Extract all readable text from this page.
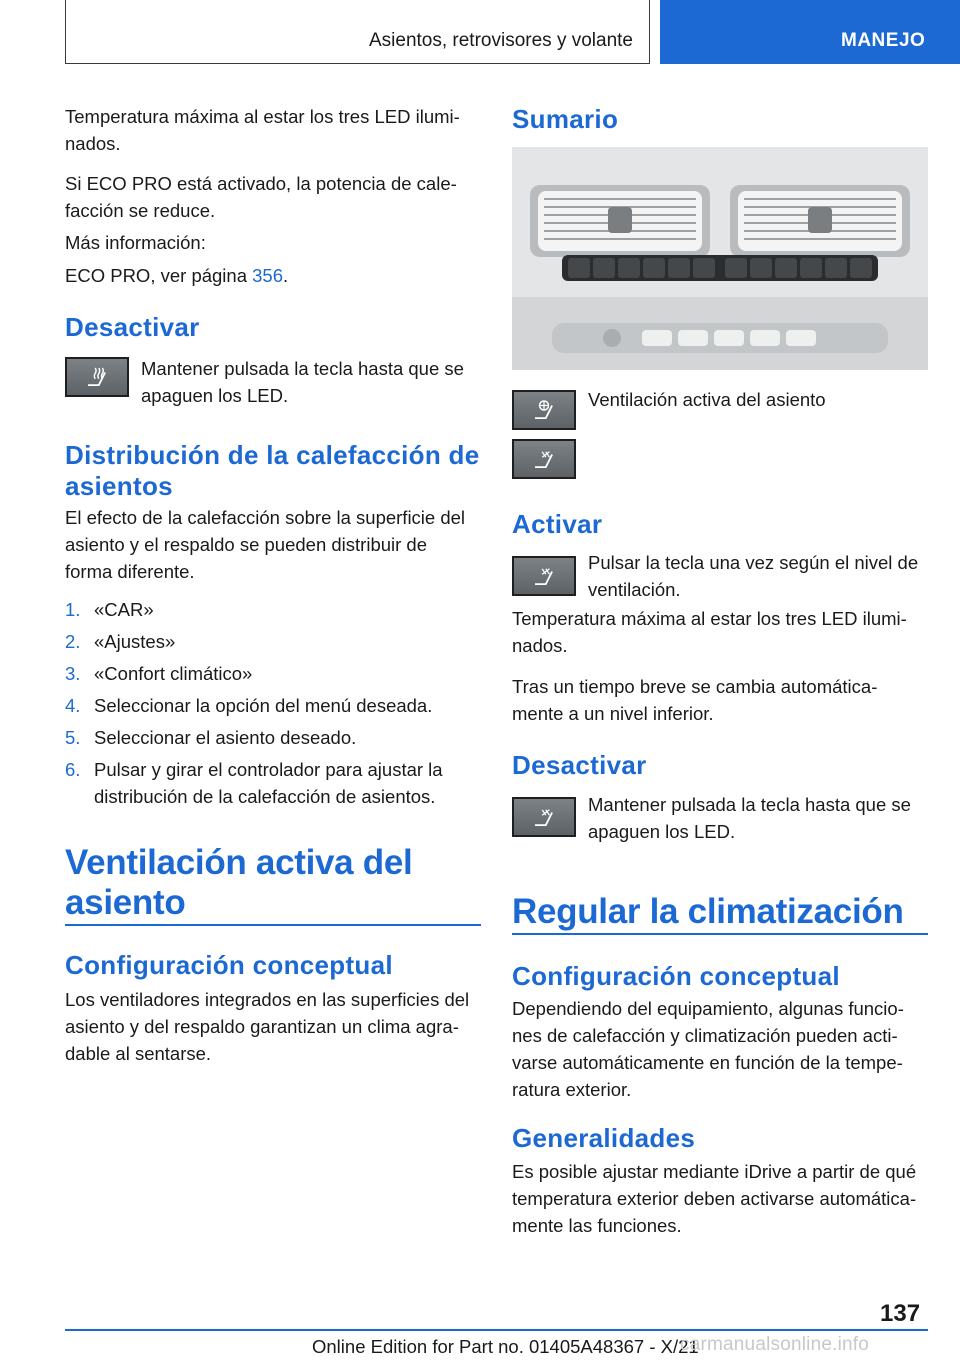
Asientos, retrovisores y volante	MANEJO
Temperatura máxima al estar los tres LED ilumi-
nados.
Si ECO PRO está activado, la potencia de cale-
facción se reduce.
Más información:
ECO PRO, ver página 356.
Desactivar
Mantener pulsada la tecla hasta que se
apaguen los LED.
Distribución de la calefacción de
asientos
El efecto de la calefacción sobre la superficie del
asiento y el respaldo se pueden distribuir de
forma diferente.
1. «CAR»
2. «Ajustes»
3. «Confort climático»
4. Seleccionar la opción del menú deseada.
5. Seleccionar el asiento deseado.
6. Pulsar y girar el controlador para ajustar la
distribución de la calefacción de asientos.
Ventilación activa del
asiento
Configuración conceptual
Los ventiladores integrados en las superficies del
asiento y del respaldo garantizan un clima agra-
dable al sentarse.
Sumario
Ventilación activa del asiento
Activar
Pulsar la tecla una vez según el nivel de
ventilación.
Temperatura máxima al estar los tres LED ilumi-
nados.
Tras un tiempo breve se cambia automática-
mente a un nivel inferior.
Desactivar
Mantener pulsada la tecla hasta que se
apaguen los LED.
Regular la climatización
Configuración conceptual
Dependiendo del equipamiento, algunas funcio-
nes de calefacción y climatización pueden acti-
varse automáticamente en función de la tempe-
ratura exterior.
Generalidades
Es posible ajustar mediante iDrive a partir de qué
temperatura exterior deben activarse automática-
mente las funciones.
137
Online Edition for Part no. 01405A48367 - X/21
carmanualsonline.info
